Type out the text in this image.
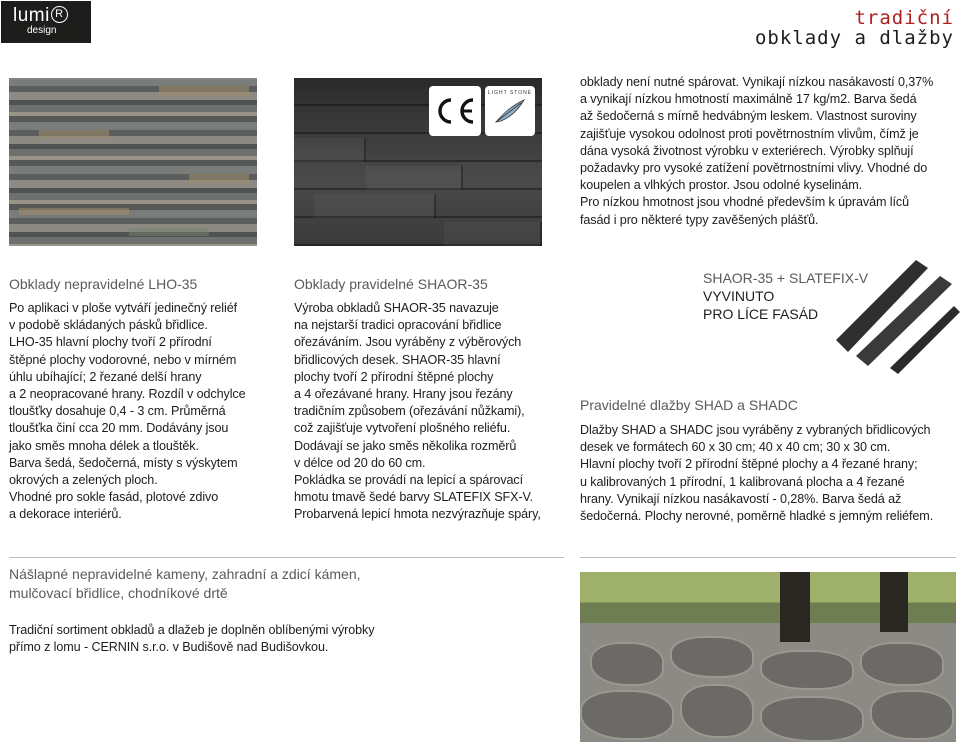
lumi R
design
tradiční
obklady a dlažby
LIGHT STONE

obklady není nutné spárovat. Vynikají nízkou nasákavostí 0,37%

a vynikají nízkou hmotností maximálně 17 kg/m2. Barva šedá

až šedočerná s mírně hedvábným leskem. Vlastnost suroviny

zajišťuje vysokou odolnost proti povětrnostním vlivům, čímž je

dána vysoká životnost výrobku v exteriérech. Výrobky splňují

požadavky pro vysoké zatížení povětrnostními vlivy. Vhodné do

koupelen a vlhkých prostor. Jsou odolné kyselinám.

Pro nízkou hmotnost jsou vhodné především k úpravám líců

fasád i pro některé typy zavěšených plášťů.

Obklady nepravidelné LHO-35

Po aplikaci v ploše vytváří jedinečný reliéf

v podobě skládaných pásků břidlice.

LHO-35 hlavní plochy tvoří 2 přírodní

štěpné plochy vodorovné, nebo v mírném

úhlu ubíhající; 2 řezané delší hrany

a 2 neopracované hrany. Rozdíl v odchylce

tloušťky dosahuje 0,4 - 3 cm. Průměrná

tloušťka činí cca 20 mm. Dodávány jsou

jako směs mnoha délek a tlouštěk.

Barva šedá, šedočerná, místy s výskytem

okrových a zelených ploch.

Vhodné pro sokle fasád, plotové zdivo

a dekorace interiérů.

Obklady pravidelné SHAOR-35

Výroba obkladů SHAOR-35 navazuje

na nejstarší tradici opracování břidlice

ořezáváním. Jsou vyráběny z výběrových

břidlicových desek. SHAOR-35 hlavní

plochy tvoří 2 přírodní štěpné plochy

a 4 ořezávané hrany. Hrany jsou řezány

tradičním způsobem (ořezávání nůžkami),

což zajišťuje vytvoření plošného reliéfu.

Dodávají se jako směs několika rozměrů

v délce od 20 do 60 cm.

Pokládka se provádí na lepicí a spárovací

hmotu tmavě šedé barvy SLATEFIX SFX-V.

Probarvená lepicí hmota nezvýrazňuje spáry,

SHAOR-35 + SLATEFIX-V
VYVINUTO
PRO LÍCE FASÁD
Pravidelné dlažby SHAD a SHADC

Dlažby SHAD a SHADC jsou vyráběny z vybraných břidlicových

desek ve formátech 60 x 30 cm; 40 x 40 cm; 30 x 30 cm.

Hlavní plochy tvoří 2 přírodní štěpné plochy a 4 řezané hrany;

u kalibrovaných 1 přírodní, 1 kalibrovaná plocha a 4 řezané

hrany. Vynikají nízkou nasákavostí - 0,28%. Barva šedá až

šedočerná. Plochy nerovné, poměrně hladké s jemným reliéfem.

Nášlapné nepravidelné kameny, zahradní a zdicí kámen,
mulčovací břidlice, chodníkové drtě

Tradiční sortiment obkladů a dlažeb je doplněn oblíbenými výrobky

přímo z lomu - CERNIN s.r.o. v Budišově nad Budišovkou.
